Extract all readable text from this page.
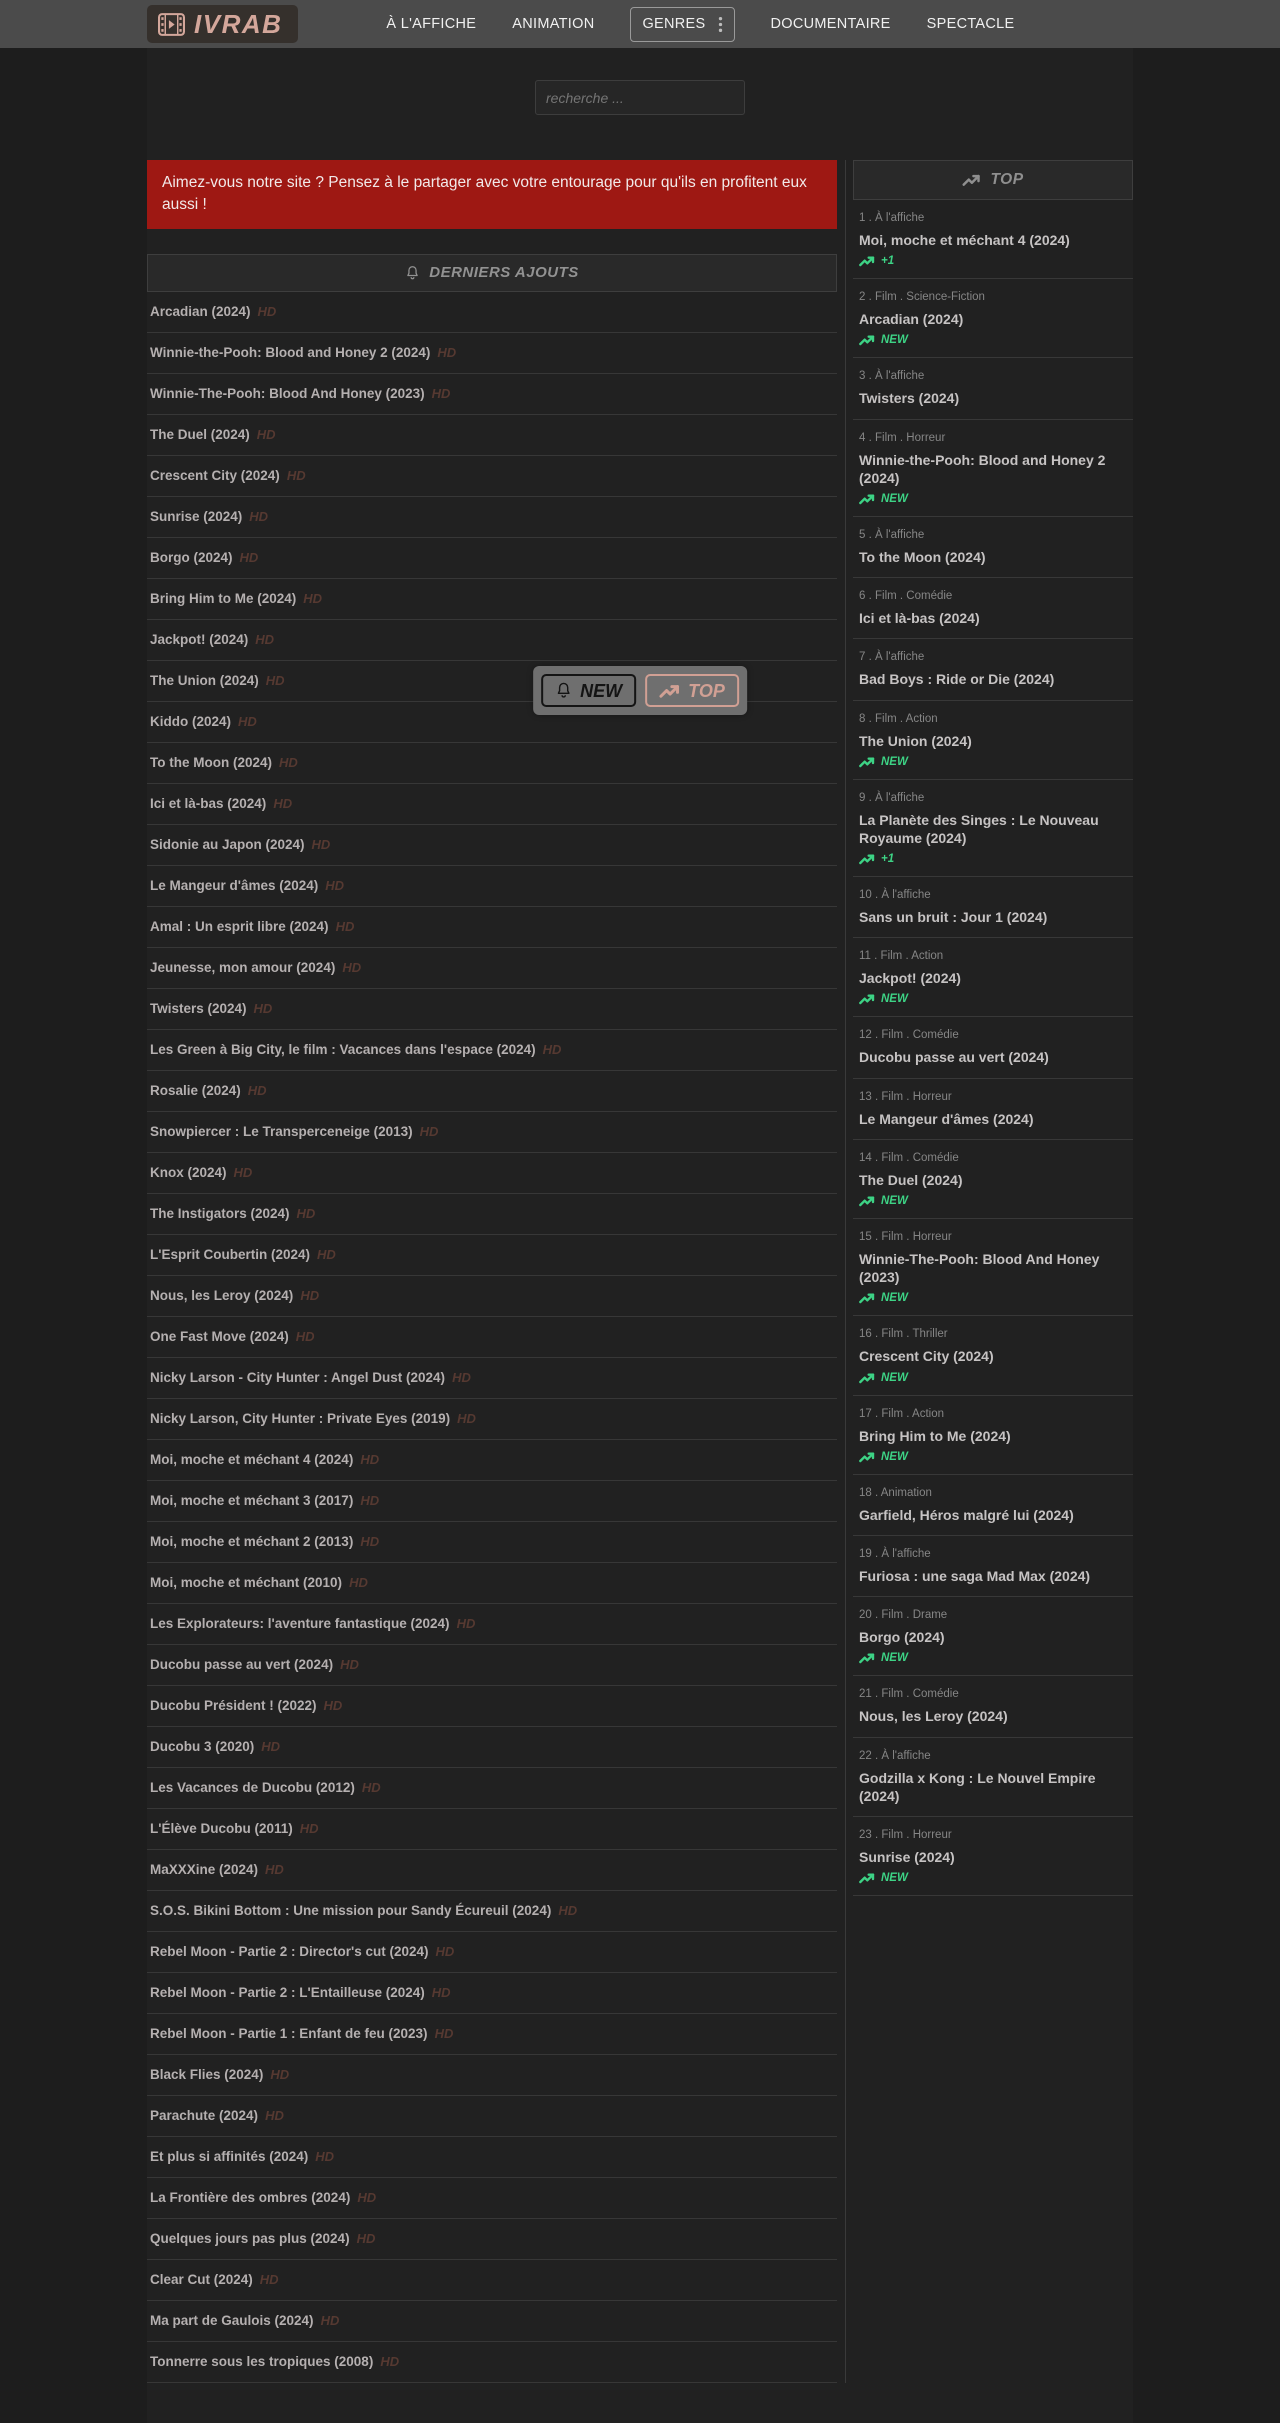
IVRAB	À L'AFFICHE ANIMATION	GENRES	DOCUMENTAIRE SPECTACLE
recherche ...
NEW	TOP
Aimez-vous notre site ? Pensez à le partager avec votre entourage pour qu'ils en profitent eux aussi !
DERNIERS AJOUTS
Arcadian (2024) HD
Winnie-the-Pooh: Blood and Honey 2 (2024) HD
Winnie-The-Pooh: Blood And Honey (2023) HD
The Duel (2024) HD
Crescent City (2024) HD
Sunrise (2024) HD
Borgo (2024) HD
Bring Him to Me (2024) HD
Jackpot! (2024) HD
The Union (2024) HD
Kiddo (2024) HD
To the Moon (2024) HD
Ici et là-bas (2024) HD
Sidonie au Japon (2024) HD
Le Mangeur d'âmes (2024) HD
Amal : Un esprit libre (2024) HD
Jeunesse, mon amour (2024) HD
Twisters (2024) HD
Les Green à Big City, le film : Vacances dans l'espace (2024) HD
Rosalie (2024) HD
Snowpiercer : Le Transperceneige (2013) HD
Knox (2024) HD
The Instigators (2024) HD
L'Esprit Coubertin (2024) HD
Nous, les Leroy (2024) HD
One Fast Move (2024) HD
Nicky Larson - City Hunter : Angel Dust (2024) HD
Nicky Larson, City Hunter : Private Eyes (2019) HD
Moi, moche et méchant 4 (2024) HD
Moi, moche et méchant 3 (2017) HD
Moi, moche et méchant 2 (2013) HD
Moi, moche et méchant (2010) HD
Les Explorateurs: l'aventure fantastique (2024) HD
Ducobu passe au vert (2024) HD
Ducobu Président ! (2022) HD
Ducobu 3 (2020) HD
Les Vacances de Ducobu (2012) HD
L'Élève Ducobu (2011) HD
MaXXXine (2024) HD
S.O.S. Bikini Bottom : Une mission pour Sandy Écureuil (2024) HD
Rebel Moon - Partie 2 : Director's cut (2024) HD
Rebel Moon - Partie 2 : L'Entailleuse (2024) HD
Rebel Moon - Partie 1 : Enfant de feu (2023) HD
Black Flies (2024) HD
Parachute (2024) HD
Et plus si affinités (2024) HD
La Frontière des ombres (2024) HD
Quelques jours pas plus (2024) HD
Clear Cut (2024) HD
Ma part de Gaulois (2024) HD
Tonnerre sous les tropiques (2008) HD
TOP
1 . À l'affiche
Moi, moche et méchant 4 (2024)
+1
2 . Film . Science-Fiction
Arcadian (2024)
NEW
3 . À l'affiche
Twisters (2024)
4 . Film . Horreur
Winnie-the-Pooh: Blood and Honey 2 (2024)
NEW
5 . À l'affiche
To the Moon (2024)
6 . Film . Comédie
Ici et là-bas (2024)
7 . À l'affiche
Bad Boys : Ride or Die (2024)
8 . Film . Action
The Union (2024)
NEW
9 . À l'affiche
La Planète des Singes : Le Nouveau Royaume (2024)
+1
10 . À l'affiche
Sans un bruit : Jour 1 (2024)
11 . Film . Action
Jackpot! (2024)
NEW
12 . Film . Comédie
Ducobu passe au vert (2024)
13 . Film . Horreur
Le Mangeur d'âmes (2024)
14 . Film . Comédie
The Duel (2024)
NEW
15 . Film . Horreur
Winnie-The-Pooh: Blood And Honey (2023)
NEW
16 . Film . Thriller
Crescent City (2024)
NEW
17 . Film . Action
Bring Him to Me (2024)
NEW
18 . Animation
Garfield, Héros malgré lui (2024)
19 . À l'affiche
Furiosa : une saga Mad Max (2024)
20 . Film . Drame
Borgo (2024)
NEW
21 . Film . Comédie
Nous, les Leroy (2024)
22 . À l'affiche
Godzilla x Kong : Le Nouvel Empire (2024)
23 . Film . Horreur
Sunrise (2024)
NEW
